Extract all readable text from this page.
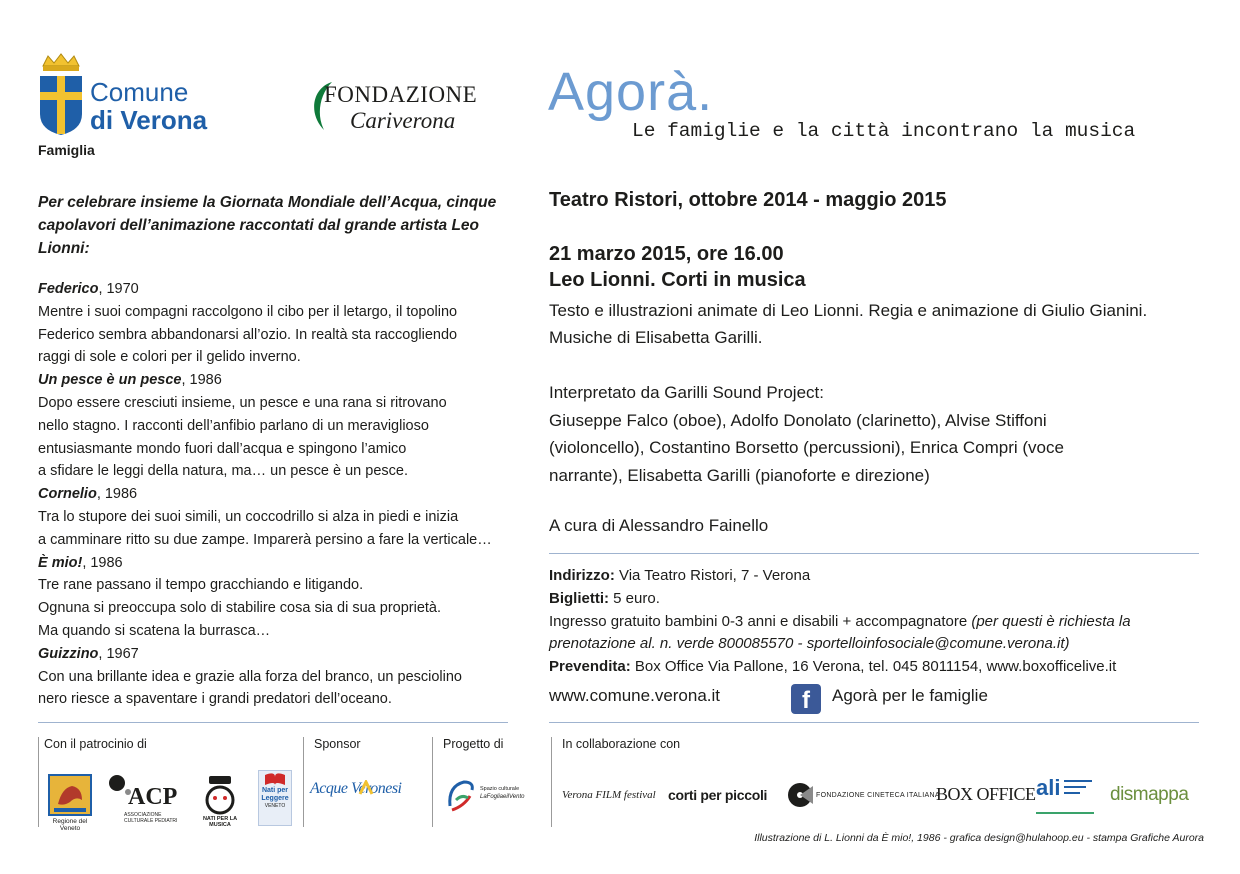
Comune
di Verona
Famiglia
FONDAZIONE
Cariverona Agorà.
Le famiglie e la città incontrano la musica
Per celebrare insieme la Giornata Mondiale dell’Acqua, cinque capolavori dell’animazione raccontati dal grande artista Leo Lionni:

Federico, 1970

Mentre i suoi compagni raccolgono il cibo per il letargo, il topolino

Federico sembra abbandonarsi all’ozio. In realtà sta raccogliendo

raggi di sole e colori per il gelido inverno.

Un pesce è un pesce, 1986

Dopo essere cresciuti insieme, un pesce e una rana si ritrovano

nello stagno. I racconti dell’anfibio parlano di un meraviglioso

entusiasmante mondo fuori dall’acqua e spingono l’amico

a sfidare le leggi della natura, ma… un pesce è un pesce.

Cornelio, 1986

Tra lo stupore dei suoi simili, un coccodrillo si alza in piedi e inizia

a camminare ritto su due zampe. Imparerà persino a fare la verticale…

È mio!, 1986

Tre rane passano il tempo gracchiando e litigando.

Ognuna si preoccupa solo di stabilire cosa sia di sua proprietà.

Ma quando si scatena la burrasca…

Guizzino, 1967

Con una brillante idea e grazie alla forza del branco, un pesciolino

nero riesce a spaventare i grandi predatori dell’oceano.

Teatro Ristori, ottobre 2014 - maggio 2015
21 marzo 2015, ore 16.00
Leo Lionni. Corti in musica
Testo e illustrazioni animate di Leo Lionni. Regia e animazione di Giulio Gianini.
Musiche di Elisabetta Garilli.
Interpretato da Garilli Sound Project:
Giuseppe Falco (oboe), Adolfo Donolato (clarinetto), Alvise Stiffoni
(violoncello), Costantino Borsetto (percussioni), Enrica Compri (voce
narrante), Elisabetta Garilli (pianoforte e direzione)
A cura di Alessandro Fainello
Indirizzo: Via Teatro Ristori, 7 - Verona
Biglietti: 5 euro.
Ingresso gratuito bambini 0-3 anni e disabili + accompagnatore (per questi è richiesta la
prenotazione al. n. verde 800085570 - sportelloinfosociale@comune.verona.it)
Prevendita: Box Office Via Pallone, 16 Verona, tel. 045 8011154, www.boxofficelive.it
www.comune.verona.it	f	Agorà per le famiglie
Con il patrocinio di	Sponsor	Progetto di	In collaborazione con
Regione del Veneto
ACP
ASSOCIAZIONE CULTURALE PEDIATRI	NATI PER LA MUSICA
Nati per
Leggere
VENETO
Acque Veronesi	Spazio culturale
LaFogliaeilVento	Verona FILM festival corti per piccoli	FONDAZIONE CINETECA ITALIANA
BOX OFFICE ali	dismappa
Illustrazione di L. Lionni da È mio!, 1986 - grafica design@hulahoop.eu - stampa Grafiche Aurora
